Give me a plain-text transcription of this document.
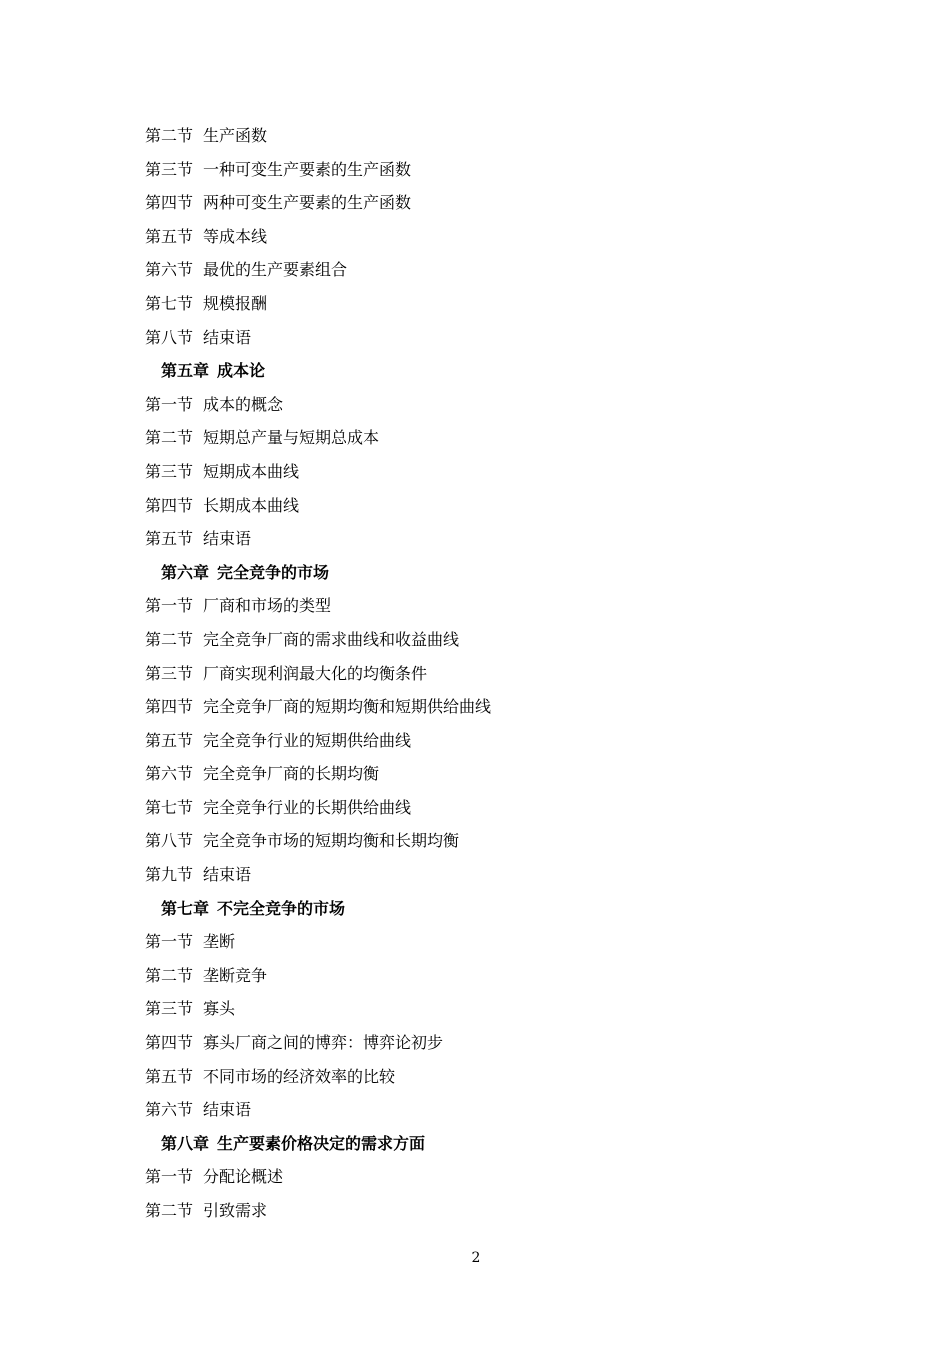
第二节 生产函数
第三节 一种可变生产要素的生产函数
第四节 两种可变生产要素的生产函数
第五节 等成本线
第六节 最优的生产要素组合
第七节 规模报酬
第八节 结束语
第五章 成本论
第一节 成本的概念
第二节 短期总产量与短期总成本
第三节 短期成本曲线
第四节 长期成本曲线
第五节 结束语
第六章 完全竞争的市场
第一节 厂商和市场的类型
第二节 完全竞争厂商的需求曲线和收益曲线
第三节 厂商实现利润最大化的均衡条件
第四节 完全竞争厂商的短期均衡和短期供给曲线
第五节 完全竞争行业的短期供给曲线
第六节 完全竞争厂商的长期均衡
第七节 完全竞争行业的长期供给曲线
第八节 完全竞争市场的短期均衡和长期均衡
第九节 结束语
第七章 不完全竞争的市场
第一节 垄断
第二节 垄断竞争
第三节 寡头
第四节 寡头厂商之间的博弈：博弈论初步
第五节 不同市场的经济效率的比较
第六节 结束语
第八章 生产要素价格决定的需求方面
第一节 分配论概述
第二节 引致需求
2
